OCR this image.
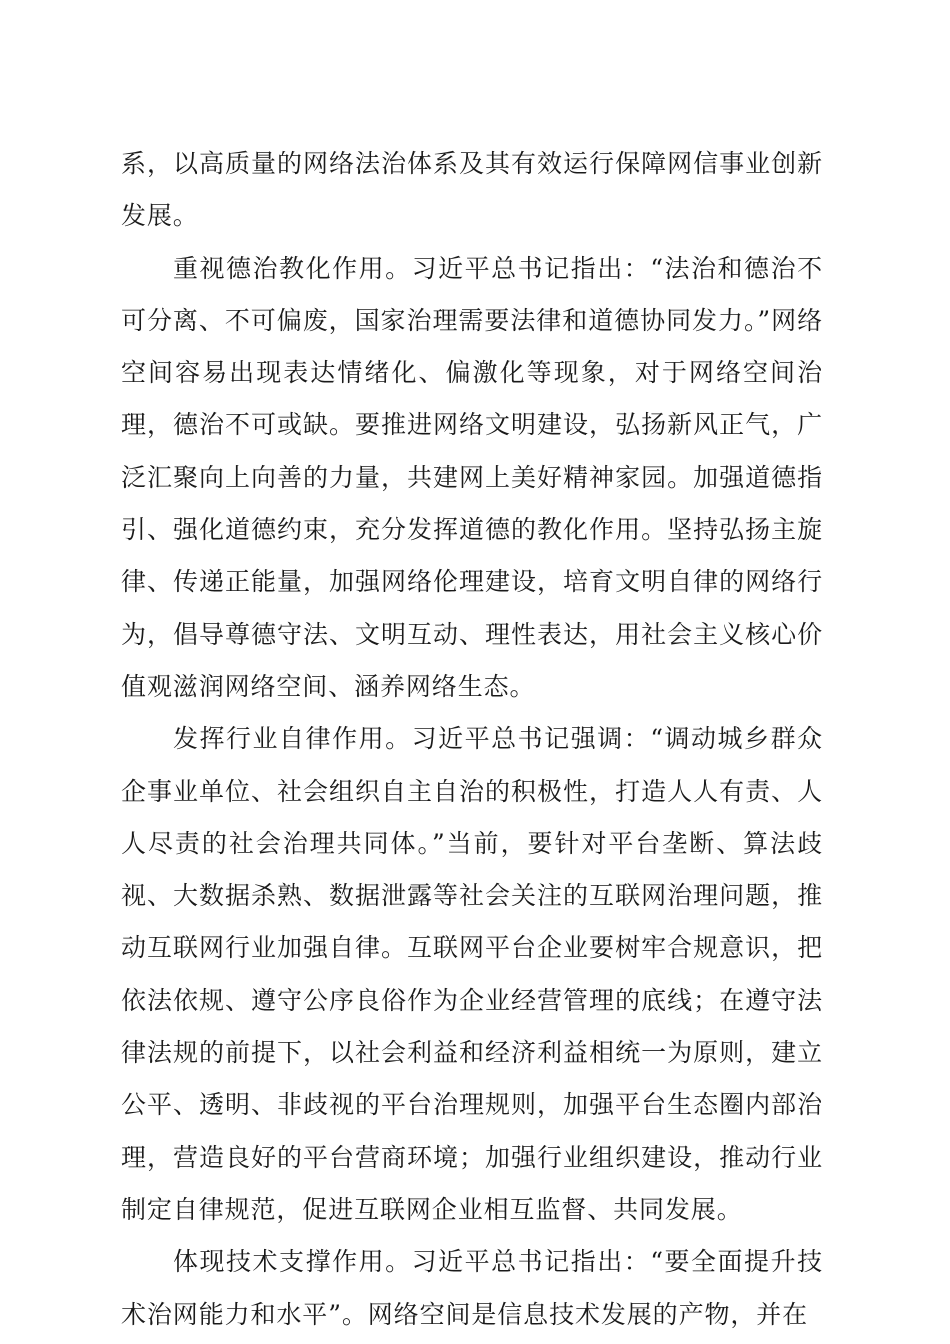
系，以高质量的网络法治体系及其有效运行保障网信事业创新发展。

重视德治教化作用。习近平总书记指出：“法治和德治不可分离、不可偏废，国家治理需要法律和道德协同发力。”网络空间容易出现表达情绪化、偏激化等现象，对于网络空间治理，德治不可或缺。要推进网络文明建设，弘扬新风正气，广泛汇聚向上向善的力量，共建网上美好精神家园。加强道德指引、强化道德约束，充分发挥道德的教化作用。坚持弘扬主旋律、传递正能量，加强网络伦理建设，培育文明自律的网络行为，倡导尊德守法、文明互动、理性表达，用社会主义核心价值观滋润网络空间、涵养网络生态。

发挥行业自律作用。习近平总书记强调：“调动城乡群众企事业单位、社会组织自主自治的积极性，打造人人有责、人人尽责的社会治理共同体。”当前，要针对平台垄断、算法歧视、大数据杀熟、数据泄露等社会关注的互联网治理问题，推动互联网行业加强自律。互联网平台企业要树牢合规意识，把依法依规、遵守公序良俗作为企业经营管理的底线；在遵守法律法规的前提下，以社会利益和经济利益相统一为原则，建立公平、透明、非歧视的平台治理规则，加强平台生态圈内部治理，营造良好的平台营商环境；加强行业组织建设，推动行业制定自律规范，促进互联网企业相互监督、共同发展。

体现技术支撑作用。习近平总书记指出：“要全面提升技术治网能力和水平”。网络空间是信息技术发展的产物，并在
